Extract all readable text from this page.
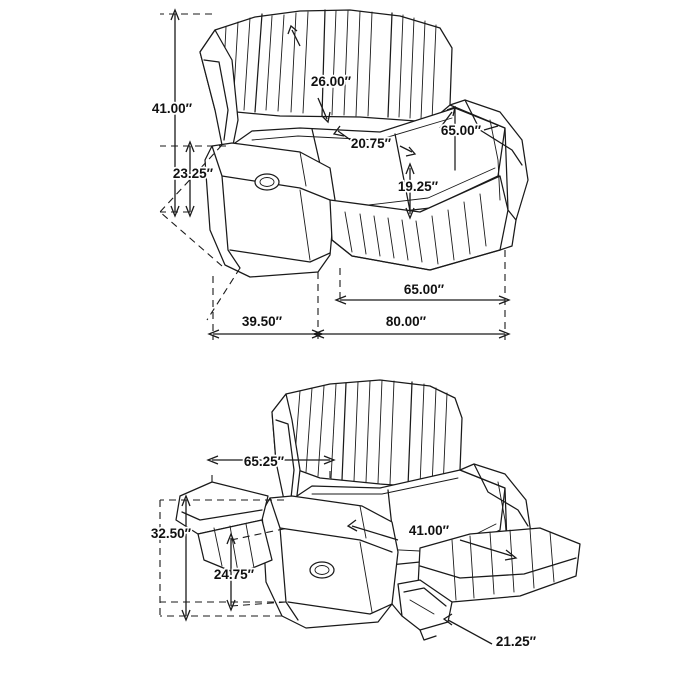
41.00″
26.00″
23.25″
20.75″
65.00″
19.25″
39.50″
65.00″
80.00″
65.25″
32.50″	41.00″
24.75″
21.25″
